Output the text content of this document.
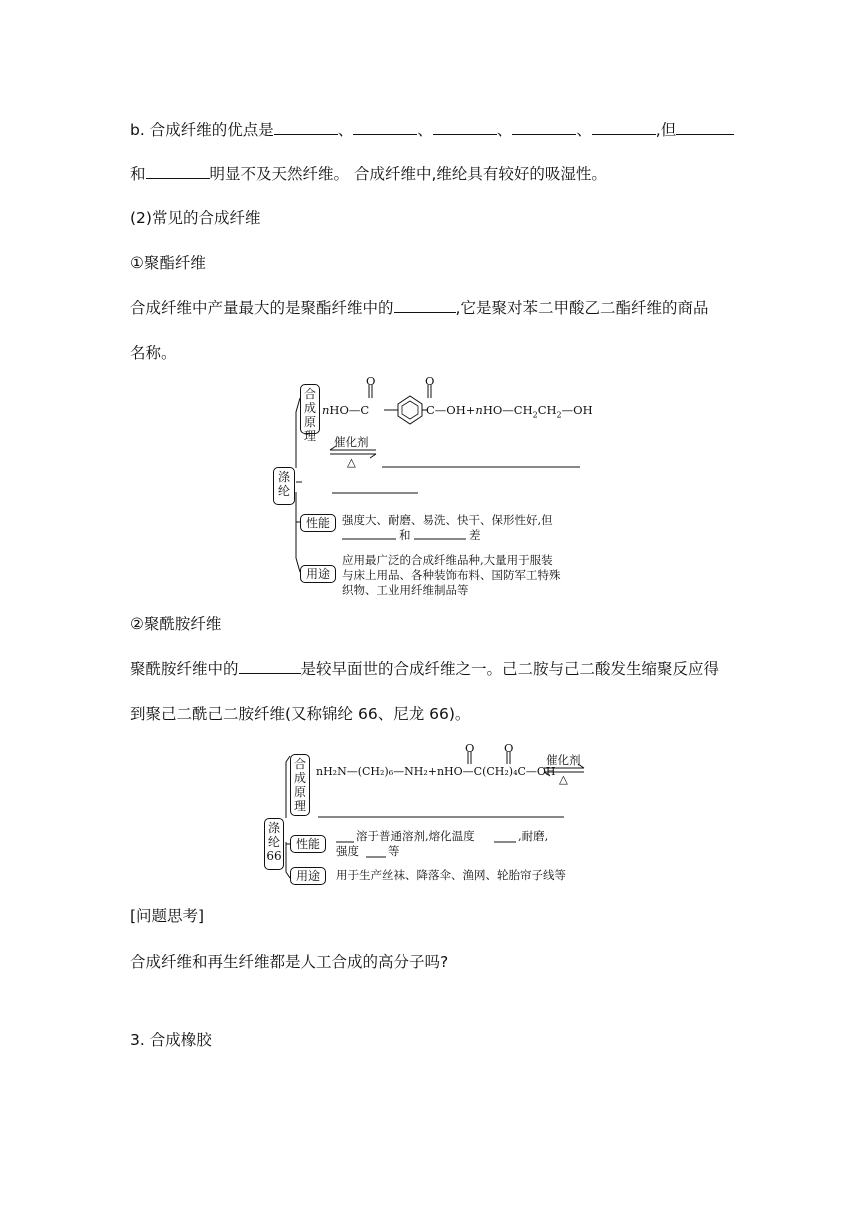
b. 合成纤维的优点是	、	、	、	、	,但
和	明显不及天然纤维。 合成纤维中,维纶具有较好的吸湿性。
(2)常见的合成纤维
①聚酯纤维
合成纤维中产量最大的是聚酯纤维中的	,它是聚对苯二甲酸乙二酯纤维的商品
名称。
涤纶
合成原理
O	O
nHO—C	$C—OH+nHO—CH_2CH_2—OH$
催化剂
△
性能	强度大、耐磨、易洗、快干、保形性好,但
和	差
用途
应用最广泛的合成纤维品种,大量用于服装
与床上用品、各种装饰布料、国防军工特殊
织物、工业用纤维制品等
②聚酰胺纤维
聚酰胺纤维中的	是较早面世的合成纤维之一。己二胺与己二酸发生缩聚反应得
到聚己二酰己二胺纤维(又称锦纶 66、尼龙 66)。
涤纶66
合成原理
O	O
nH₂N—(CH₂)₆—NH₂+nHO—C(CH₂)₄C—OH
催化剂
△
性能
溶于普通溶剂,熔化温度	,耐磨,
强度	等
用途	用于生产丝袜、降落伞、渔网、轮胎帘子线等
[问题思考]
合成纤维和再生纤维都是人工合成的高分子吗?
3. 合成橡胶
